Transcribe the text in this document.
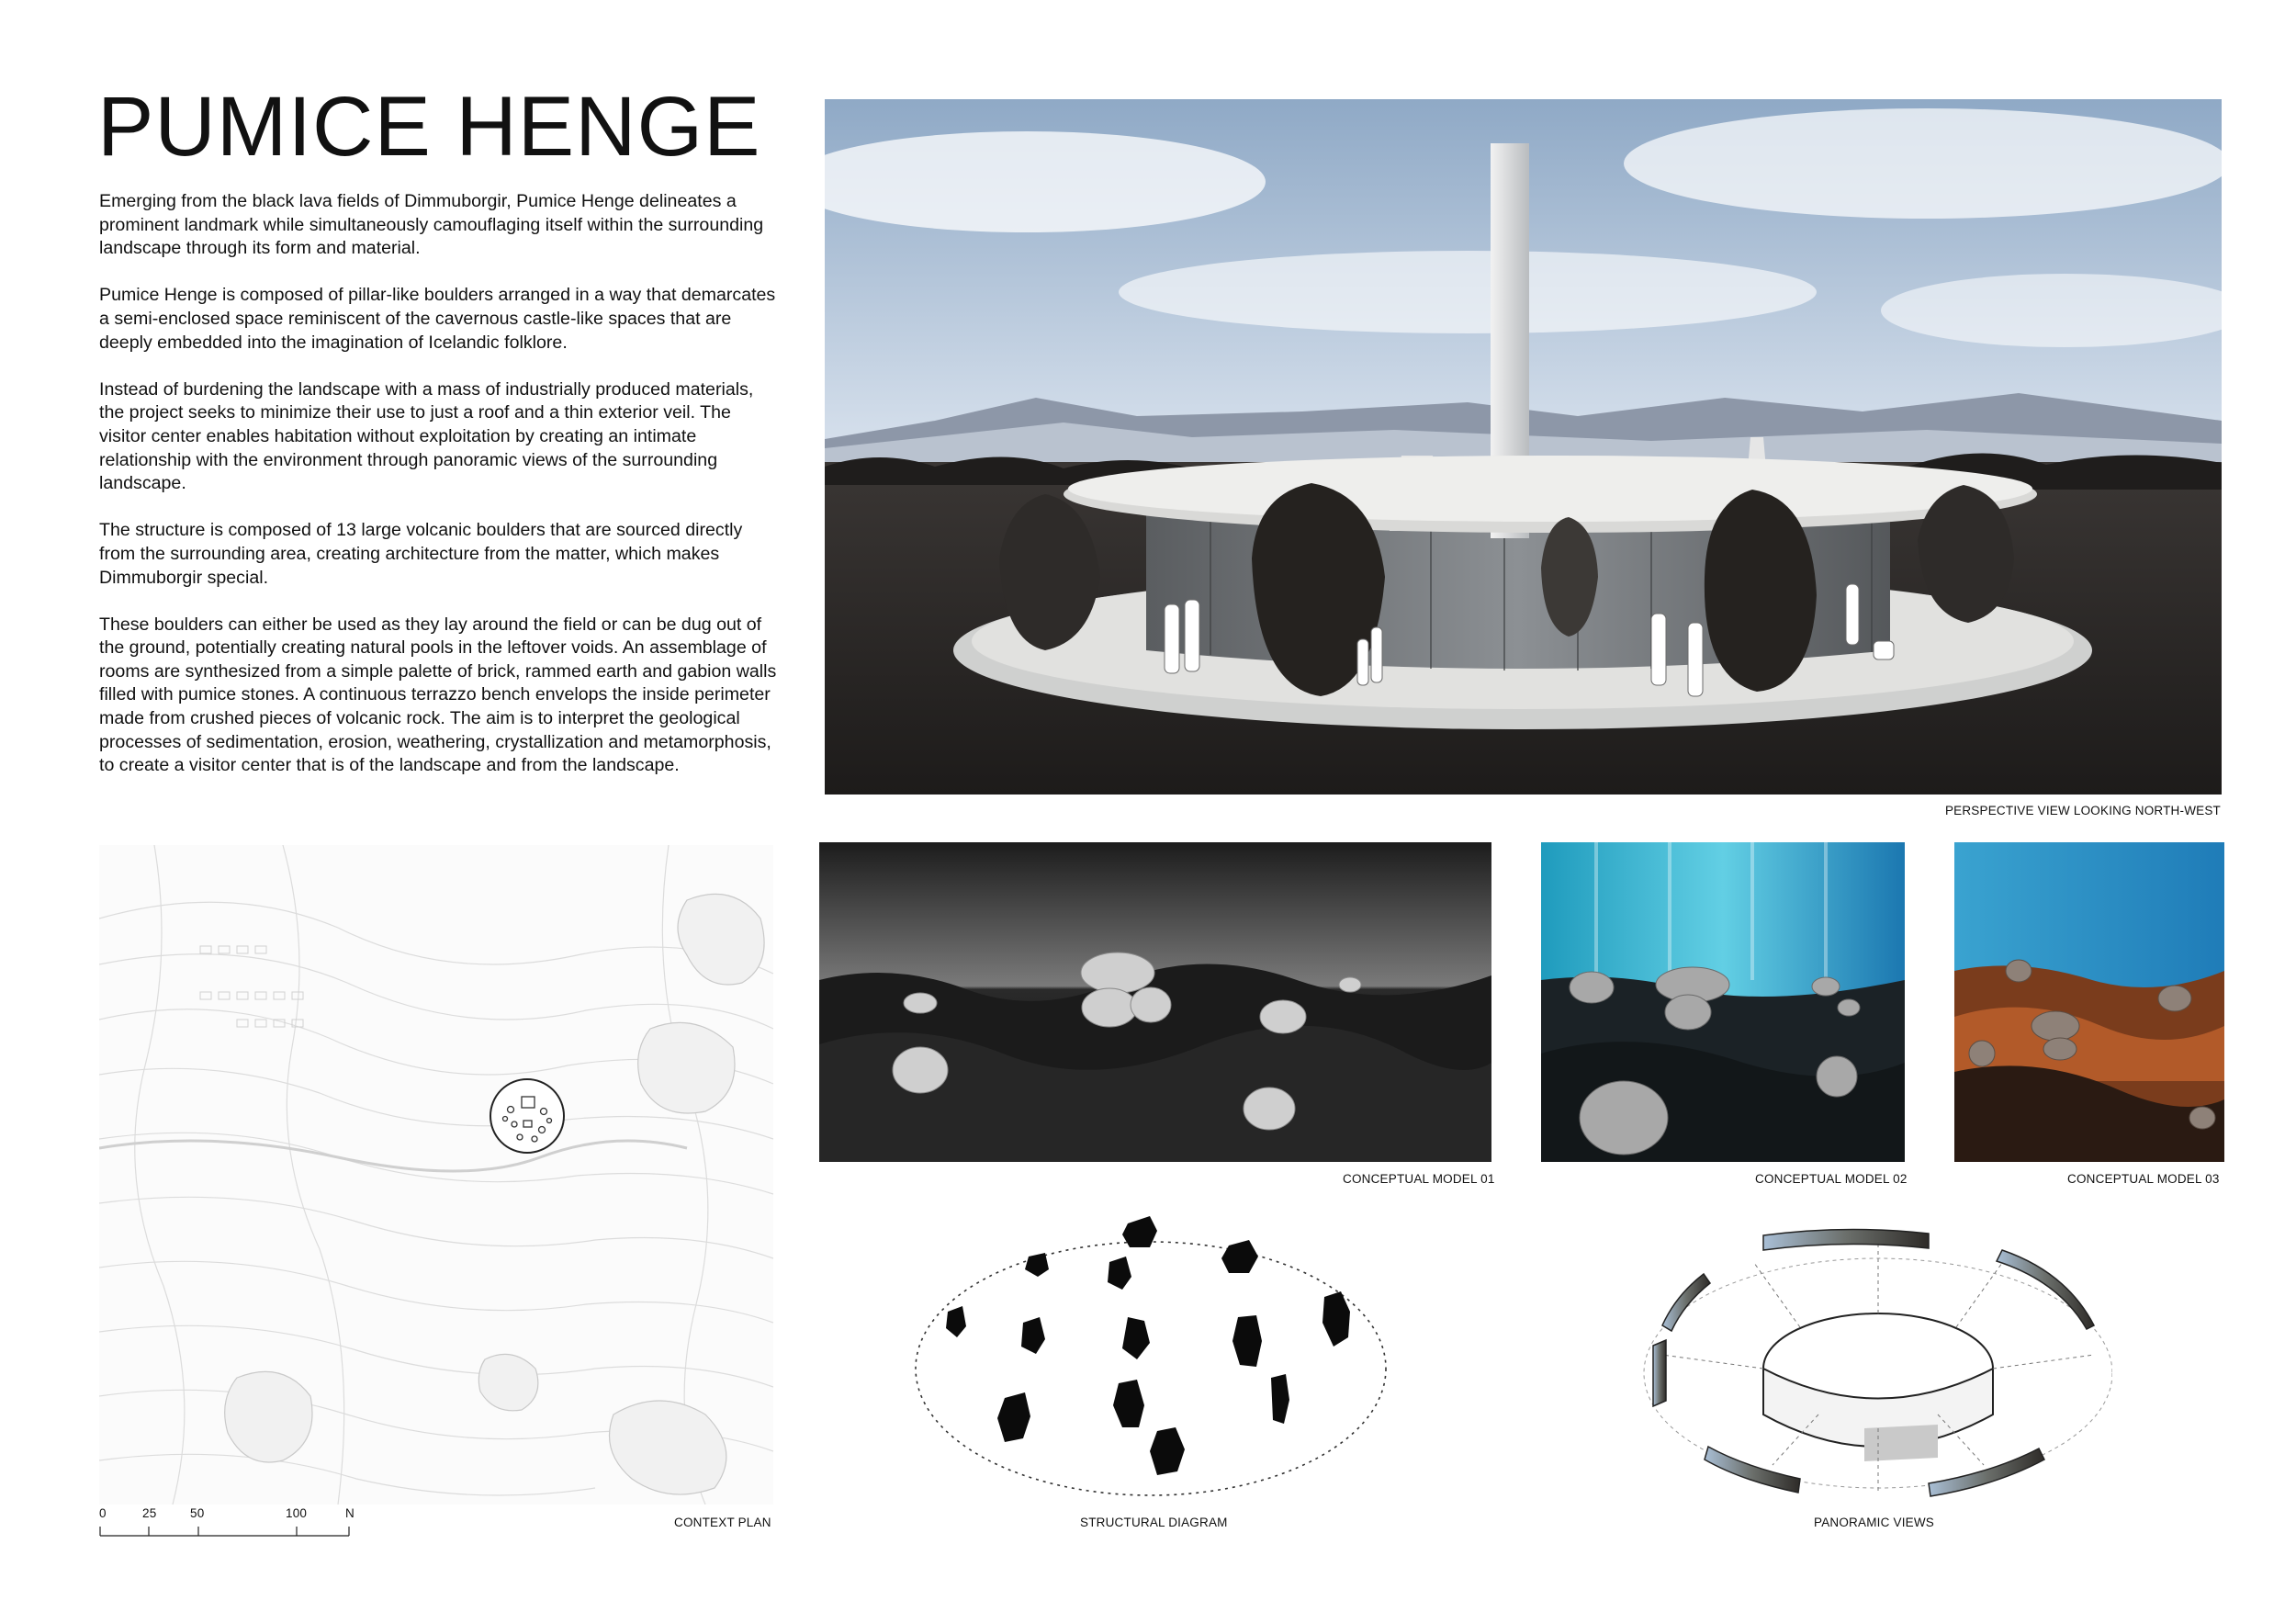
PUMICE HENGE

Emerging from the black lava fields of Dimmuborgir, Pumice Henge delineates a prominent landmark while simultaneously camouflaging itself within the surrounding landscape through its form and material.

Pumice Henge is composed of pillar-like boulders arranged in a way that demarcates a semi-enclosed space reminiscent of the cavernous castle-like spaces that are deeply embedded into the imagination of Icelandic folklore.

Instead of burdening the landscape with a mass of industrially produced materials, the project seeks to minimize their use to just a roof and a thin exterior veil. The visitor center enables habitation without exploitation by creating an intimate relationship with the environment through panoramic views of the surrounding landscape.

The structure is composed of 13 large volcanic boulders that are sourced directly from the surrounding area, creating architecture from the matter, which makes Dimmuborgir special.

These boulders can either be used as they lay around the field or can be dug out of the ground, potentially creating natural pools in the leftover voids. An assemblage of rooms are synthesized from a simple palette of brick, rammed earth and gabion walls filled with pumice stones. A continuous terrazzo bench envelops the inside perimeter made from crushed pieces of volcanic rock. The aim is to interpret the geological processes of sedimentation, erosion, weathering, crystallization and metamorphosis, to create a visitor center that is of the landscape and from the landscape.

PERSPECTIVE VIEW LOOKING NORTH-WEST
0	25	50	100	N
CONTEXT PLAN
CONCEPTUAL MODEL 01	CONCEPTUAL MODEL 02	CONCEPTUAL MODEL 03
STRUCTURAL DIAGRAM	PANORAMIC VIEWS
